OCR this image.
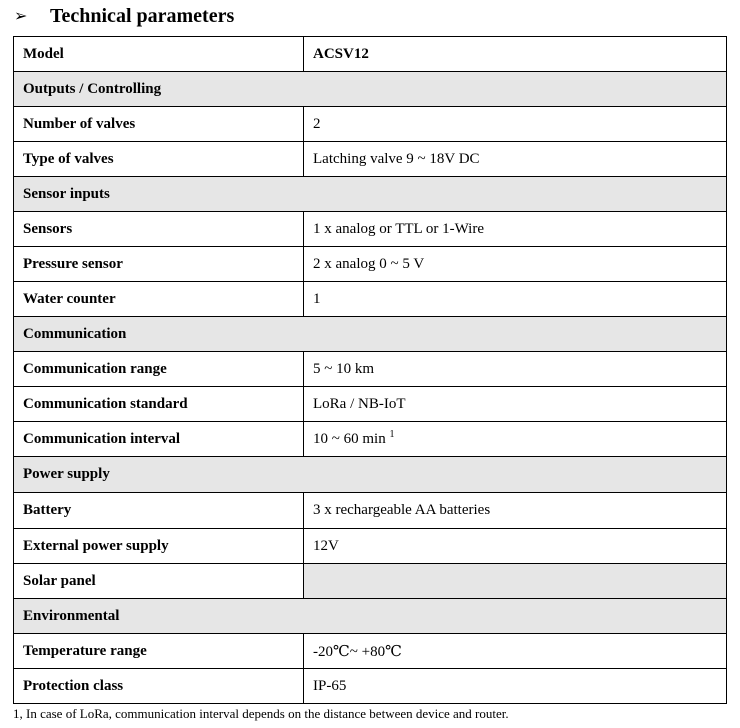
➢	Technical parameters
Model	ACSV12
Outputs / Controlling	
Number of valves	2
Type of valves	Latching valve 9 ~ 18V DC
Sensor inputs	
Sensors	1 x analog or TTL or 1-Wire
Pressure sensor	2 x analog 0 ~ 5 V
Water counter	1
Communication	
Communication range	5 ~ 10 km
Communication standard	LoRa / NB-IoT
Communication interval	10 ~ 60 min $^1$
Power supply	
Battery	3 x rechargeable AA batteries
External power supply	12V
Solar panel	
Environmental	
Temperature range	-20℃~ +80℃
Protection class	IP-65
1, In case of LoRa, communication interval depends on the distance between device and router.
